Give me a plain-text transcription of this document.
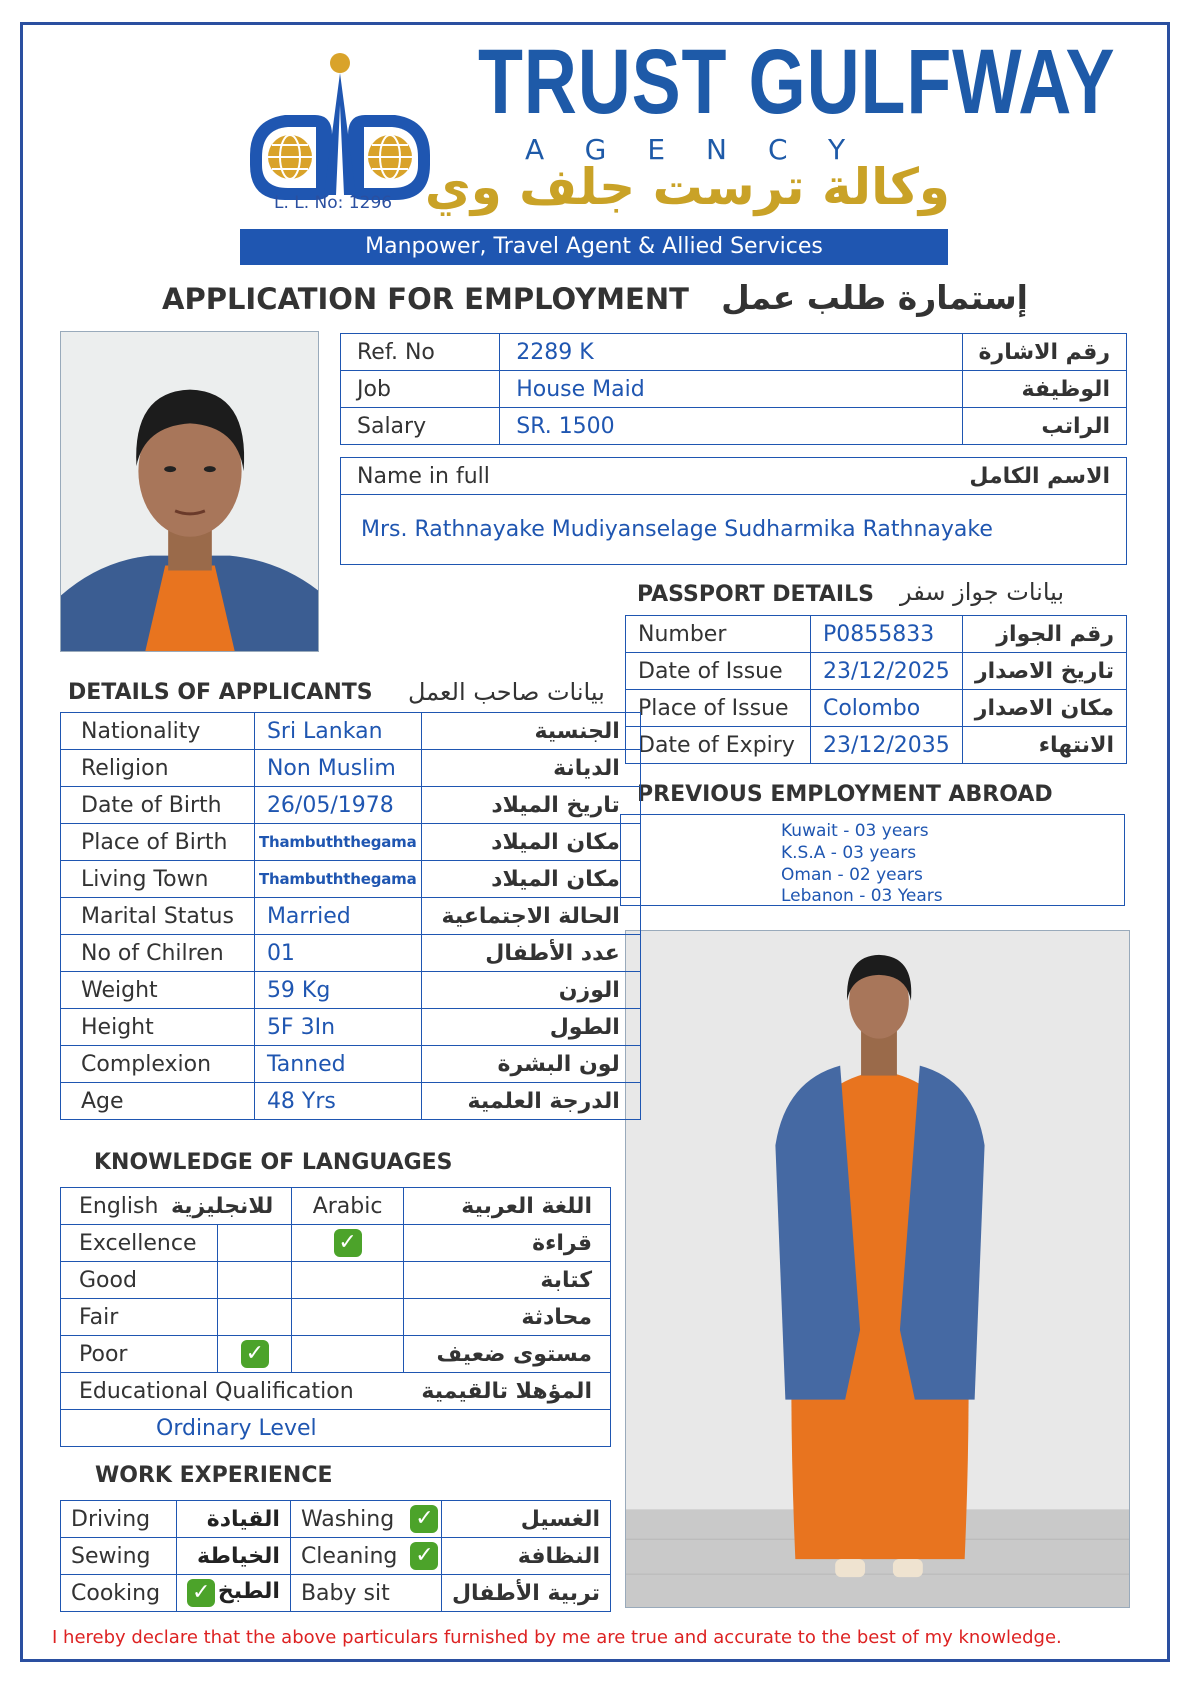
L. L. No: 1296
TRUST GULFWAY
AGENCY
وكالة ترست جلف وي
Manpower, Travel Agent & Allied Services
APPLICATION FOR EMPLOYMENT إستمارة طلب عمل
Ref. No	2289 K	رقم الاشارة
Job	House Maid	الوظيفة
Salary	SR. 1500	الراتب
Name in full	الاسم الكامل
Mrs. Rathnayake Mudiyanselage Sudharmika Rathnayake
PASSPORT DETAILS بيانات جواز سفر
Number	P0855833	رقم الجواز
Date of Issue	23/12/2025	تاريخ الاصدار
Place of Issue	Colombo	مكان الاصدار
Date of Expiry	23/12/2035	الانتهاء
PREVIOUS EMPLOYMENT ABROAD
Kuwait - 03 years
K.S.A - 03 years
Oman - 02 years
Lebanon - 03 Years
DETAILS OF APPLICANTS بيانات صاحب العمل
Nationality	Sri Lankan	الجنسية
Religion	Non Muslim	الديانة
Date of Birth	26/05/1978	تاريخ الميلاد
Place of Birth	Thambuththegama	مكان الميلاد
Living Town	Thambuththegama	مكان الميلاد
Marital Status	Married	الحالة الاجتماعية
No of Chilren	01	عدد الأطفال
Weight	59 Kg	الوزن
Height	5F 3In	الطول
Complexion	Tanned	لون البشرة
Age	48 Yrs	الدرجة العلمية
KNOWLEDGE OF LANGUAGES
English للانجليزية		Arabic	اللغة العربية
Excellence		✓	قراءة
Good			كتابة
Fair			محادثة
Poor	✓		مستوى ضعيف
Educational Qualification			المؤهلا تالقيمية
Ordinary Level			
WORK EXPERIENCE
Driving	القيادة	Washing	✓	الغسيل
Sewing	الخياطة	Cleaning	✓	النظافة
Cooking	✓ الطبخ	Baby sit		تربية الأطفال
I hereby declare that the above particulars furnished by me are true and accurate to the best of my knowledge.
